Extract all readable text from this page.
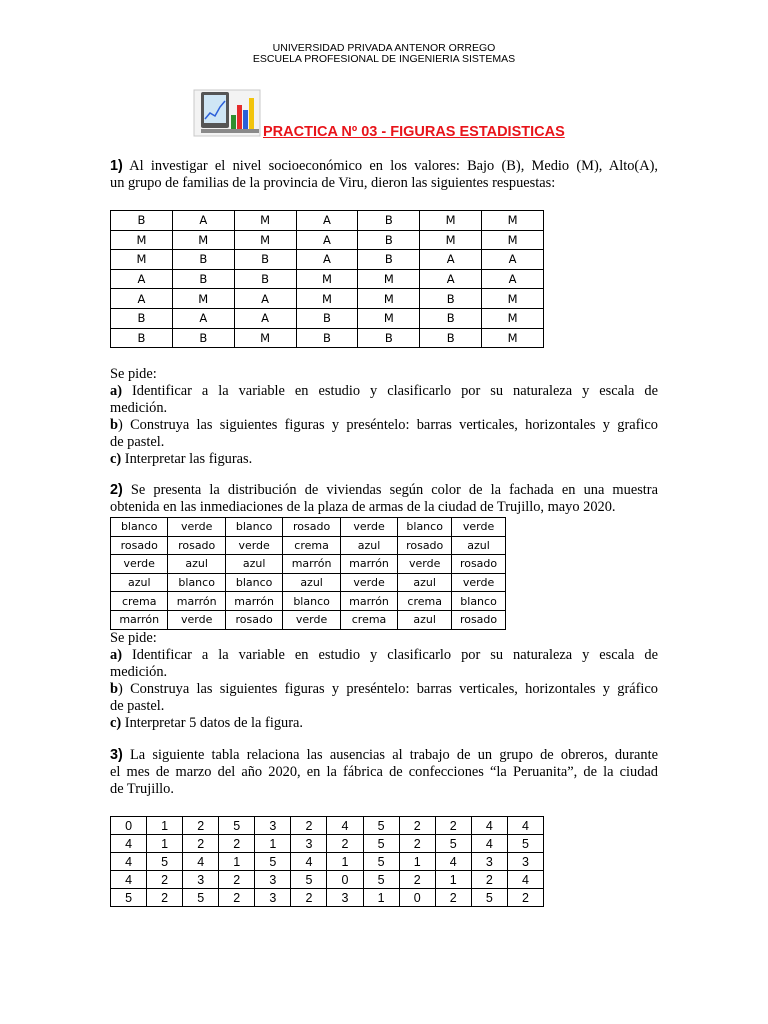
UNIVERSIDAD PRIVADA ANTENOR ORREGO
ESCUELA PROFESIONAL DE INGENIERIA SISTEMAS
PRACTICA Nº 03 - FIGURAS ESTADISTICAS
1) Al investigar el nivel socioeconómico en los valores: Bajo (B), Medio (M), Alto(A),
un grupo de familias de la provincia de Viru, dieron las siguientes respuestas:
B	A	M	A	B	M	M
M	M	M	A	B	M	M
M	B	B	A	B	A	A
A	B	B	M	M	A	A
A	M	A	M	M	B	M
B	A	A	B	M	B	M
B	B	M	B	B	B	M
Se pide:
a) Identificar a la variable en estudio y clasificarlo por su naturaleza y escala de
medición.
b) Construya las siguientes figuras y preséntelo: barras verticales, horizontales y grafico
de pastel.
c) Interpretar las figuras.
2) Se presenta la distribución de viviendas según color de la fachada en una muestra
obtenida en las inmediaciones de la plaza de armas de la ciudad de Trujillo, mayo 2020.
blanco	verde	blanco	rosado	verde	blanco	verde
rosado	rosado	verde	crema	azul	rosado	azul
verde	azul	azul	marrón	marrón	verde	rosado
azul	blanco	blanco	azul	verde	azul	verde
crema	marrón	marrón	blanco	marrón	crema	blanco
marrón	verde	rosado	verde	crema	azul	rosado
Se pide:
a) Identificar a la variable en estudio y clasificarlo por su naturaleza y escala de
medición.
b) Construya las siguientes figuras y preséntelo: barras verticales, horizontales y gráfico
de pastel.
c) Interpretar 5 datos de la figura.
3) La siguiente tabla relaciona las ausencias al trabajo de un grupo de obreros, durante
el mes de marzo del año 2020, en la fábrica de confecciones “la Peruanita”, de la ciudad
de Trujillo.
0	1	2	5	3	2	4	5	2	2	4	4
4	1	2	2	1	3	2	5	2	5	4	5
4	5	4	1	5	4	1	5	1	4	3	3
4	2	3	2	3	5	0	5	2	1	2	4
5	2	5	2	3	2	3	1	0	2	5	2
